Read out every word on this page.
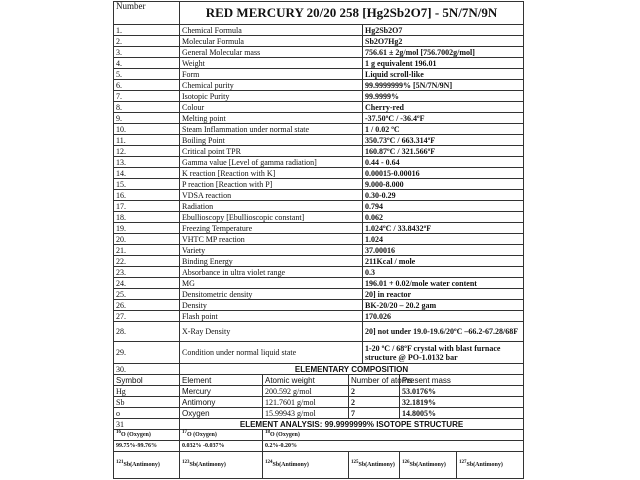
Number	RED MERCURY 20/20 258 [Hg2Sb2O7] - 5N/7N/9N					
1.	Chemical Formula			Hg2Sb2O7		
2.	Molecular Formula			Sb2O7Hg2		
3.	General Molecular mass			756.61 ± 2g/mol [756.7002g/mol]		
4.	Weight			1 g equivalent 196.01		
5.	Form			Liquid scroll-like		
6.	Chemical purity			99.9999999% [5N/7N/9N]		
7.	Isotopic Purity			99.9999%		
8.	Colour			Cherry-red		
9.	Melting point			-37.50ºC / -36.4ºF		
10.	Steam Inflammation under normal state			1 / 0.02 ºC		
11.	Boiling Point			350.73ºC / 663.314ºF		
12.	Critical point TPR			160.87ºC / 321.566ºF		
13.	Gamma value [Level of gamma radiation]			0.44 - 0.64		
14.	K reaction [Reaction with K]			0.00015-0.00016		
15.	P reaction [Reaction with P]			9.000-8.000		
16.	VDSA reaction			0.30-0.29		
17.	Radiation			0.794		
18.	Ebulliosсopy [Ebullioscopic constant]			0.062		
19.	Freezing Temperature			1.024ºC / 33.8432ºF		
20.	VHTC MP reaction			1.024		
21.	Variety			37.00016		
22.	Binding Energy			211Kcal / mole		
23.	Absorbance in ultra violet range			0.3		
24.	MG			196.01 + 0.02/mole water content		
25.	Densitometric density			20] in reactor		
26.	Density			BK-20/20 – 20.2 gam		
27.	Flash point			170.026		
28.	X-Ray Density			20] not under 19.0-19.6/20ºC –66.2-67.28/68F		
29.	Condition under normal liquid state			1-20 ºC / 68ºF crystal with blast furnace structure @ PO-1.0132 bar		
30.	ELEMENTARY COMPOSITION					
Symbol	Element	Atomic weight	Number of atoms		Present mass	
Hg	Mercury	200.592 g/mol	2		53.0176%	
Sb	Antimony	121.7601 g/mol	2		32.1819%	
o	Oxygen	15.99943 g/mol	7		14.8005%	
31	ELEMENT ANALYSIS: 99.9999999% ISOTOPE STRUCTURE					
$^{16}$O (Oxygen)	$^{17}$O (Oxygen)	$^{18}$O (Oxygen)				
99.75%-99.76%	0.032% -0.037%	0.2%-0.20%				
$^{121}$Sb(Antimony)	$^{123}$Sb(Antimony)	$^{124}$Sb(Antimony)	$^{125}$Sb(Antimony)		$^{126}$Sb(Antimony)	$^{127}$Sb(Antimony)
